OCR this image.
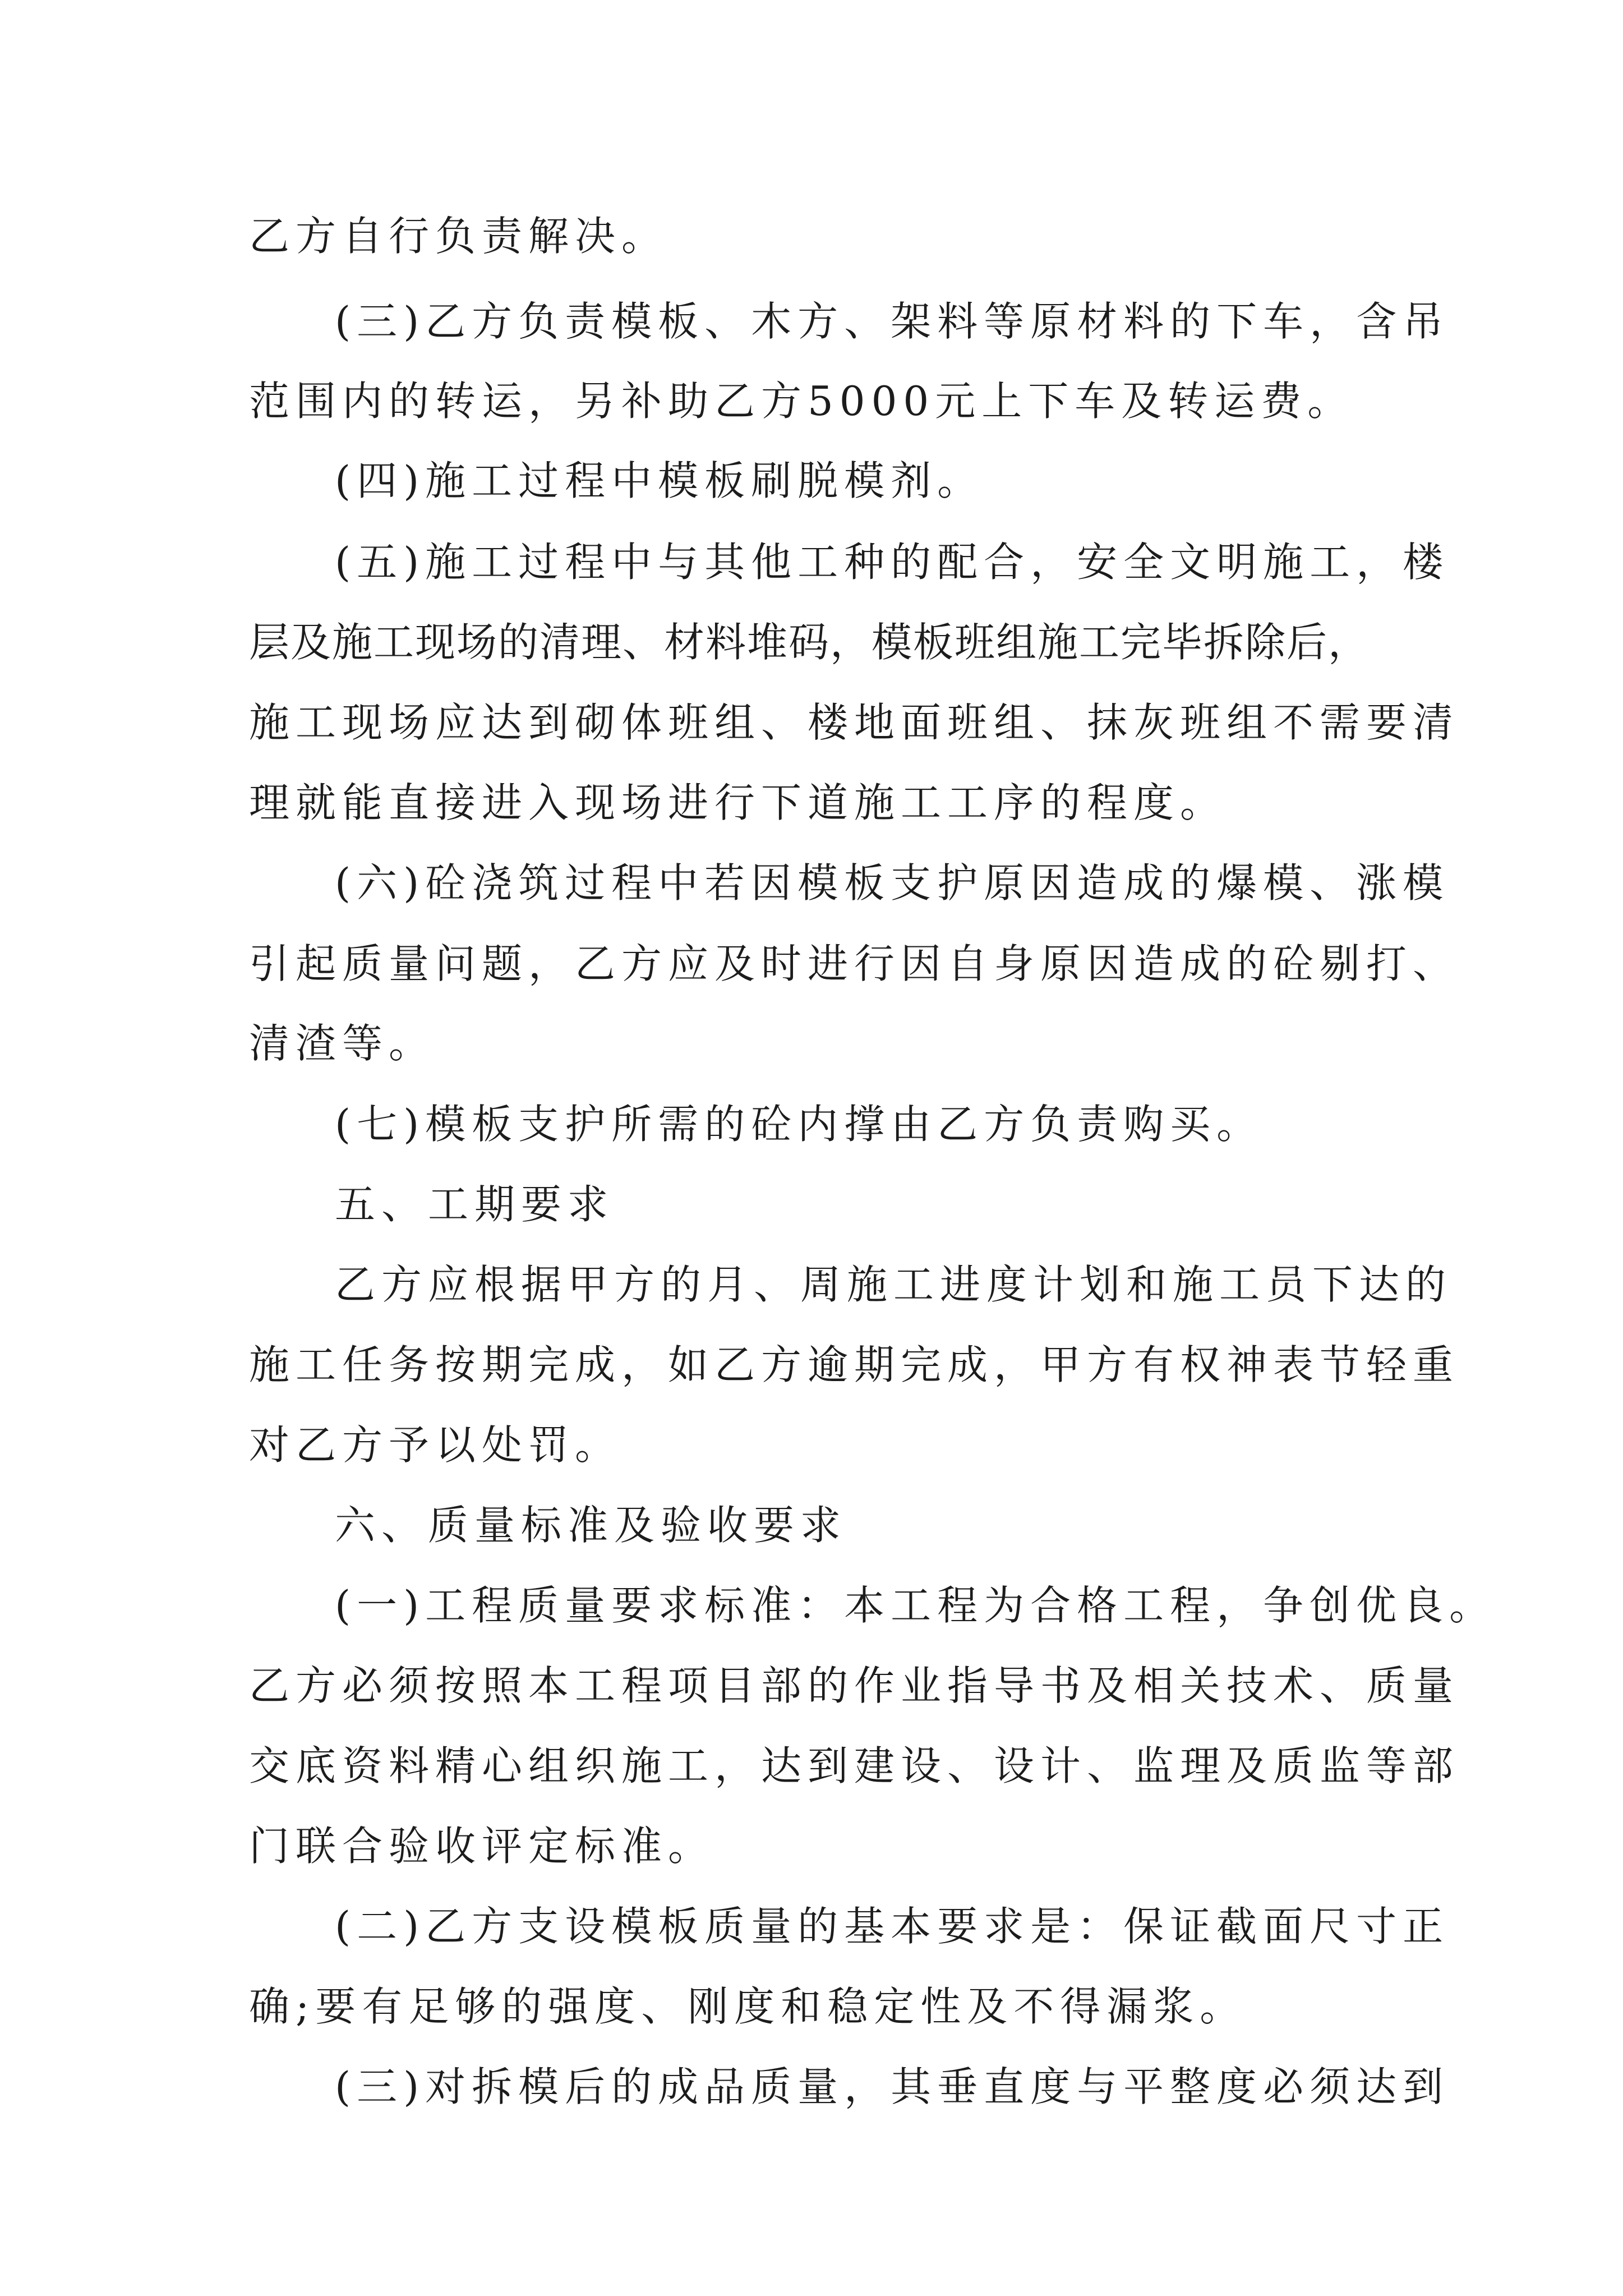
乙方自行负责解决。
(三)乙方负责模板、木方、架料等原材料的下车，含吊
范围内的转运，另补助乙方5000元上下车及转运费。
(四)施工过程中模板刷脱模剂。
(五)施工过程中与其他工种的配合，安全文明施工，楼
层及施工现场的清理、材料堆码，模板班组施工完毕拆除后，
施工现场应达到砌体班组、楼地面班组、抹灰班组不需要清
理就能直接进入现场进行下道施工工序的程度。
(六)砼浇筑过程中若因模板支护原因造成的爆模、涨模
引起质量问题，乙方应及时进行因自身原因造成的砼剔打、
清渣等。
(七)模板支护所需的砼内撑由乙方负责购买。
五、工期要求
乙方应根据甲方的月、周施工进度计划和施工员下达的
施工任务按期完成，如乙方逾期完成，甲方有权神表节轻重
对乙方予以处罚。
六、质量标准及验收要求
(一)工程质量要求标准：本工程为合格工程，争创优良。
乙方必须按照本工程项目部的作业指导书及相关技术、质量
交底资料精心组织施工，达到建设、设计、监理及质监等部
门联合验收评定标准。
(二)乙方支设模板质量的基本要求是：保证截面尺寸正
确;要有足够的强度、刚度和稳定性及不得漏浆。
(三)对拆模后的成品质量，其垂直度与平整度必须达到
